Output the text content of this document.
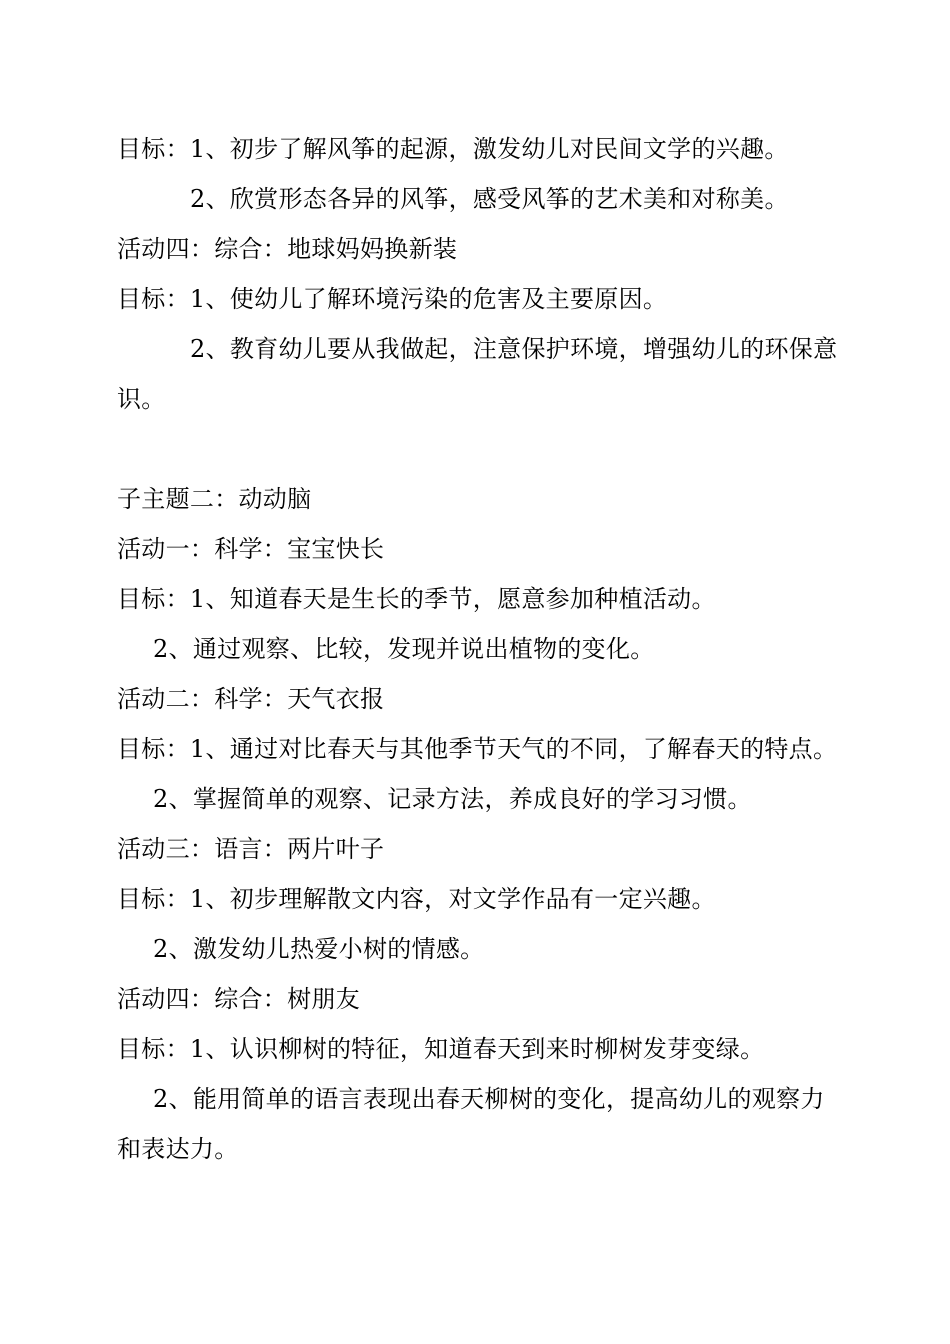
目标：1、初步了解风筝的起源，激发幼儿对民间文学的兴趣。
2、欣赏形态各异的风筝，感受风筝的艺术美和对称美。
活动四：综合：地球妈妈换新装
目标：1、使幼儿了解环境污染的危害及主要原因。
2、教育幼儿要从我做起，注意保护环境，增强幼儿的环保意
识。
子主题二：动动脑
活动一：科学：宝宝快长
目标：1、知道春天是生长的季节，愿意参加种植活动。
2、通过观察、比较，发现并说出植物的变化。
活动二：科学：天气衣报
目标：1、通过对比春天与其他季节天气的不同，了解春天的特点。
2、掌握简单的观察、记录方法，养成良好的学习习惯。
活动三：语言：两片叶子
目标：1、初步理解散文内容，对文学作品有一定兴趣。
2、激发幼儿热爱小树的情感。
活动四：综合：树朋友
目标：1、认识柳树的特征，知道春天到来时柳树发芽变绿。
2、能用简单的语言表现出春天柳树的变化，提高幼儿的观察力
和表达力。
